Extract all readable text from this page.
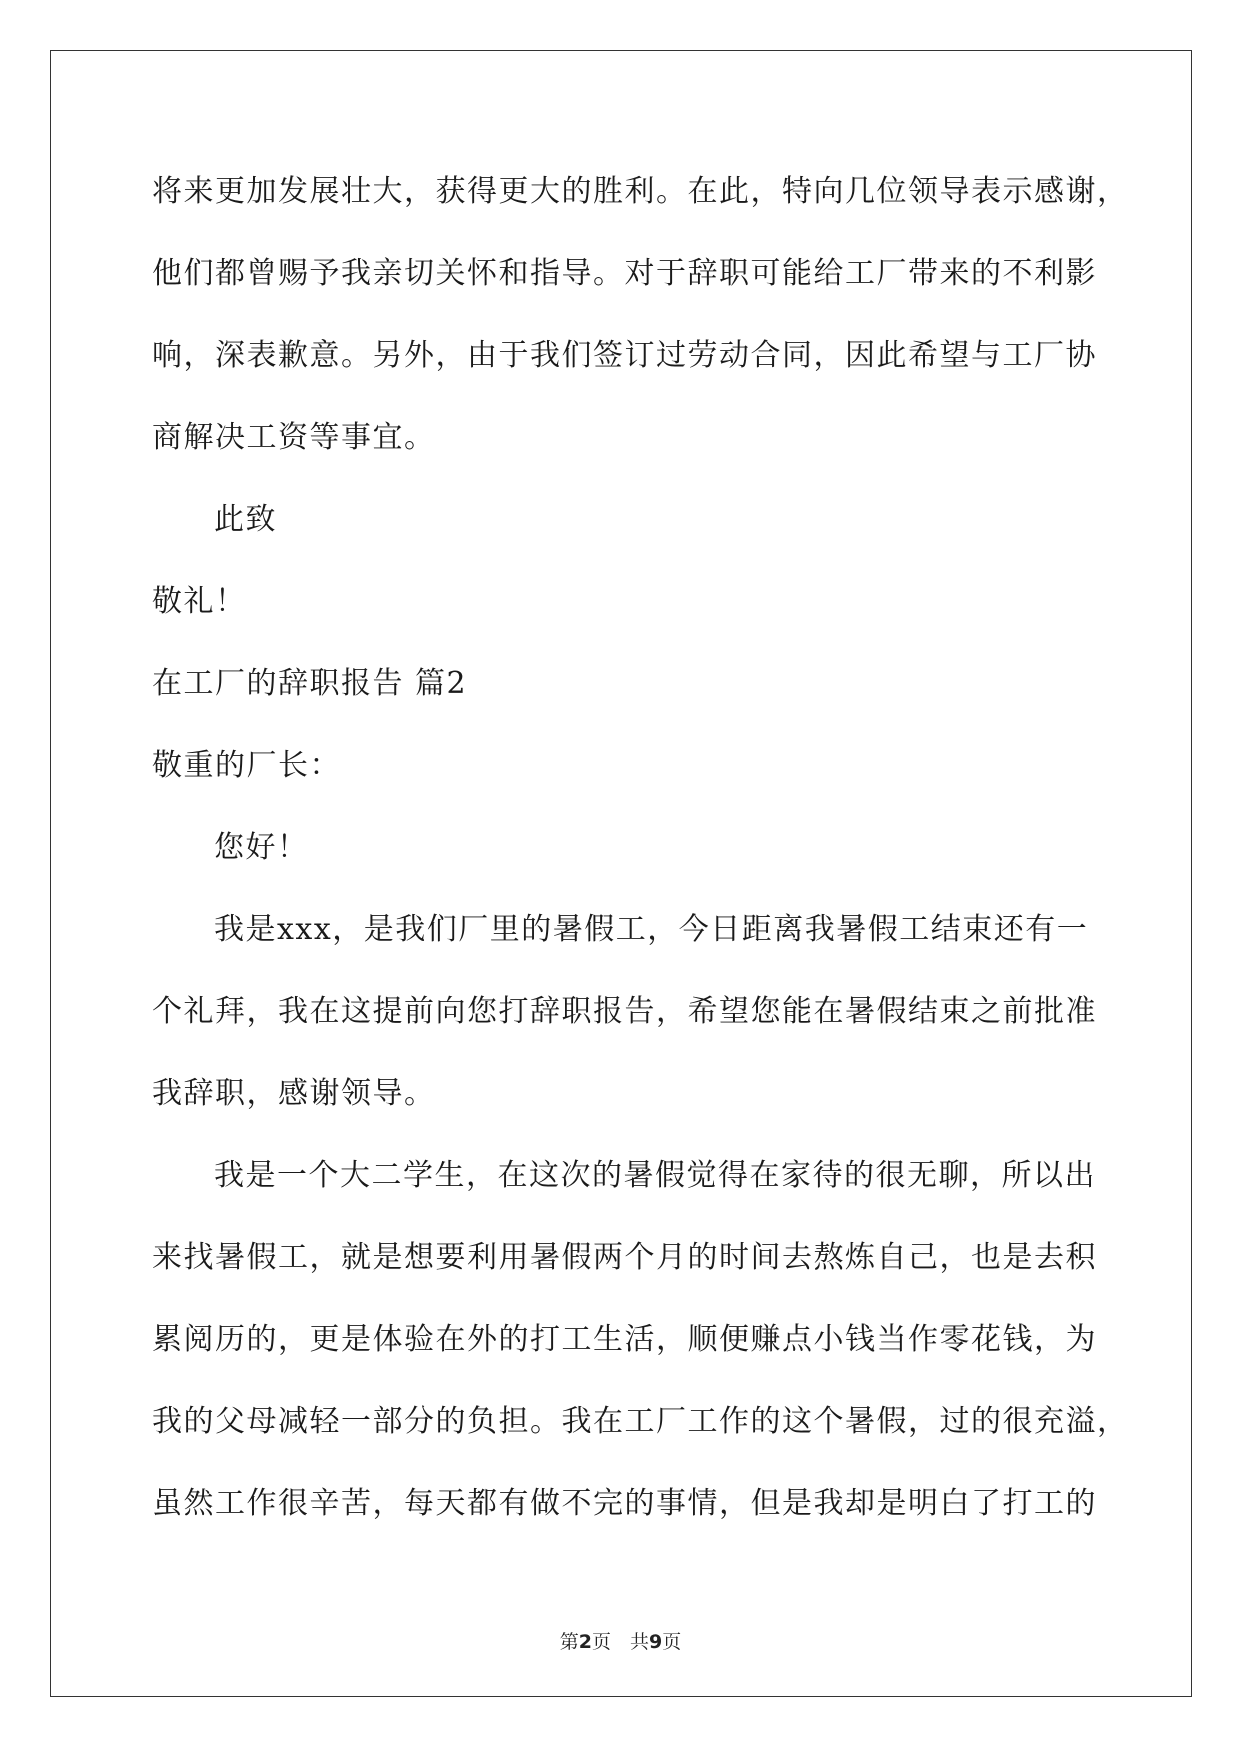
将来更加发展壮大，获得更大的胜利。在此，特向几位领导表示感谢，
他们都曾赐予我亲切关怀和指导。对于辞职可能给工厂带来的不利影
响，深表歉意。另外，由于我们签订过劳动合同，因此希望与工厂协
商解决工资等事宜。
此致
敬礼！
在工厂的辞职报告 篇2
敬重的厂长：
您好！
我是xxx，是我们厂里的暑假工，今日距离我暑假工结束还有一
个礼拜，我在这提前向您打辞职报告，希望您能在暑假结束之前批准
我辞职，感谢领导。
我是一个大二学生，在这次的暑假觉得在家待的很无聊，所以出
来找暑假工，就是想要利用暑假两个月的时间去熬炼自己，也是去积
累阅历的，更是体验在外的打工生活，顺便赚点小钱当作零花钱，为
我的父母减轻一部分的负担。我在工厂工作的这个暑假，过的很充溢，
虽然工作很辛苦，每天都有做不完的事情，但是我却是明白了打工的
第2页　共9页
